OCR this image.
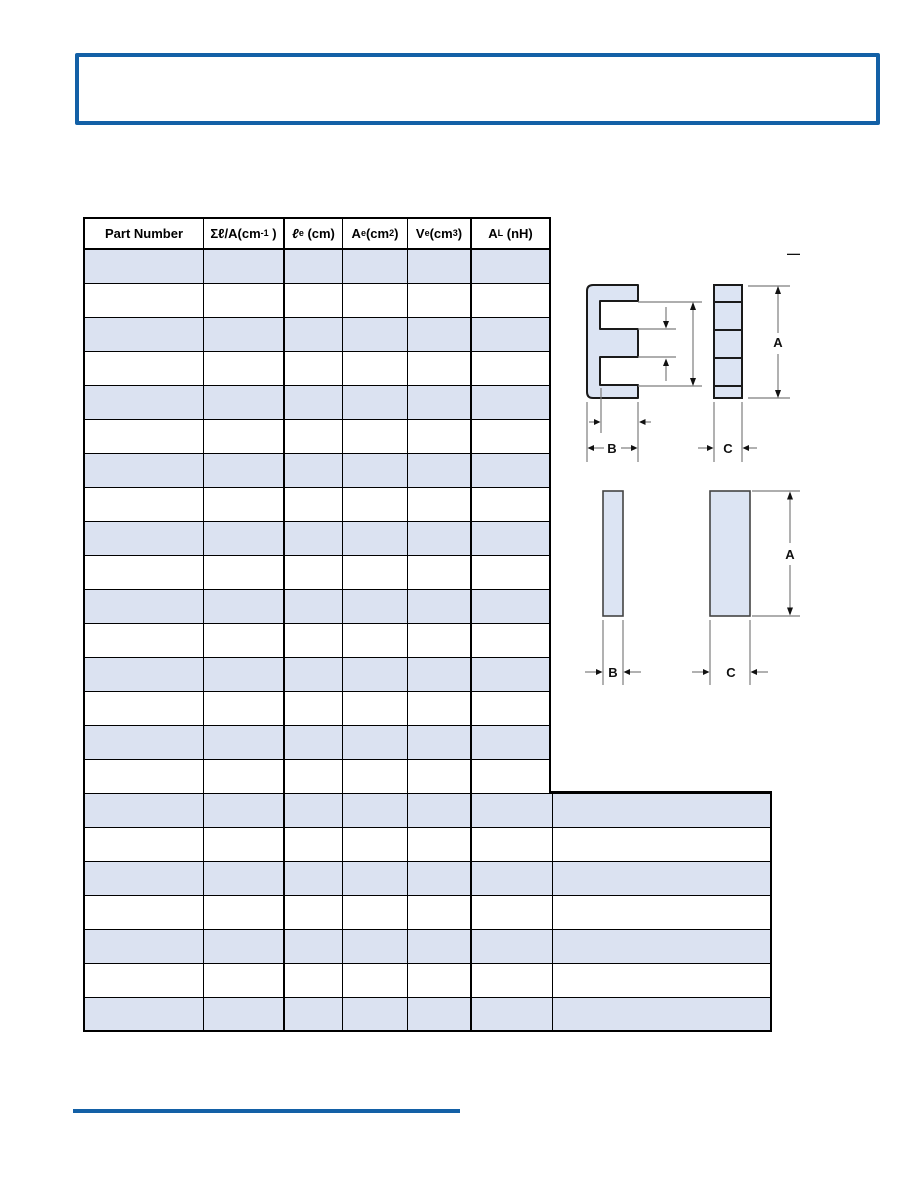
Part Number Σℓ/A(cm -1 ) ℓ e (cm) A e (cm 2 ) V e (cm 3 ) A L (nH)
—
A
B	C
A
B	C
